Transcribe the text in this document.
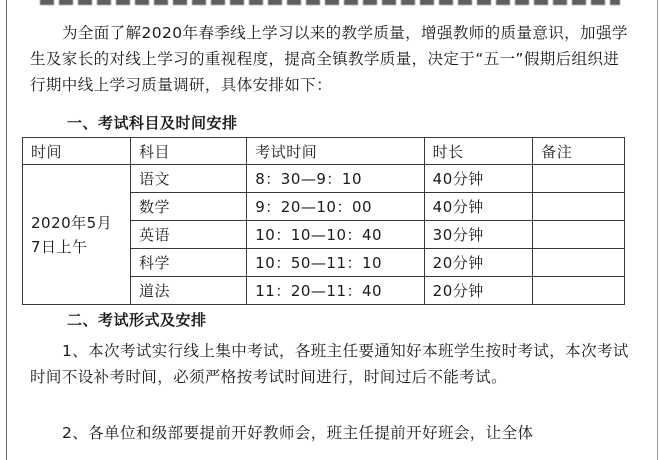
为全面了解2020年春季线上学习以来的教学质量，增强教师的质量意识，加强学生及家长的对线上学习的重视程度，提高全镇教学质量，决定于“五一”假期后组织进行期中线上学习质量调研，具体安排如下：
一、考试科目及时间安排
时间	科目	考试时间	时长	备注
2020年5月
7日上午	语文	8：30—9：10	40分钟	
	数学	9：20—10：00	40分钟	
	英语	10：10—10：40	30分钟	
	科学	10：50—11：10	20分钟	
	道法	11：20—11：40	20分钟	
二、考试形式及安排
1、本次考试实行线上集中考试，各班主任要通知好本班学生按时考试，本次考试时间不设补考时间，必须严格按考试时间进行，时间过后不能考试。
2、各单位和级部要提前开好教师会，班主任提前开好班会，让全体
